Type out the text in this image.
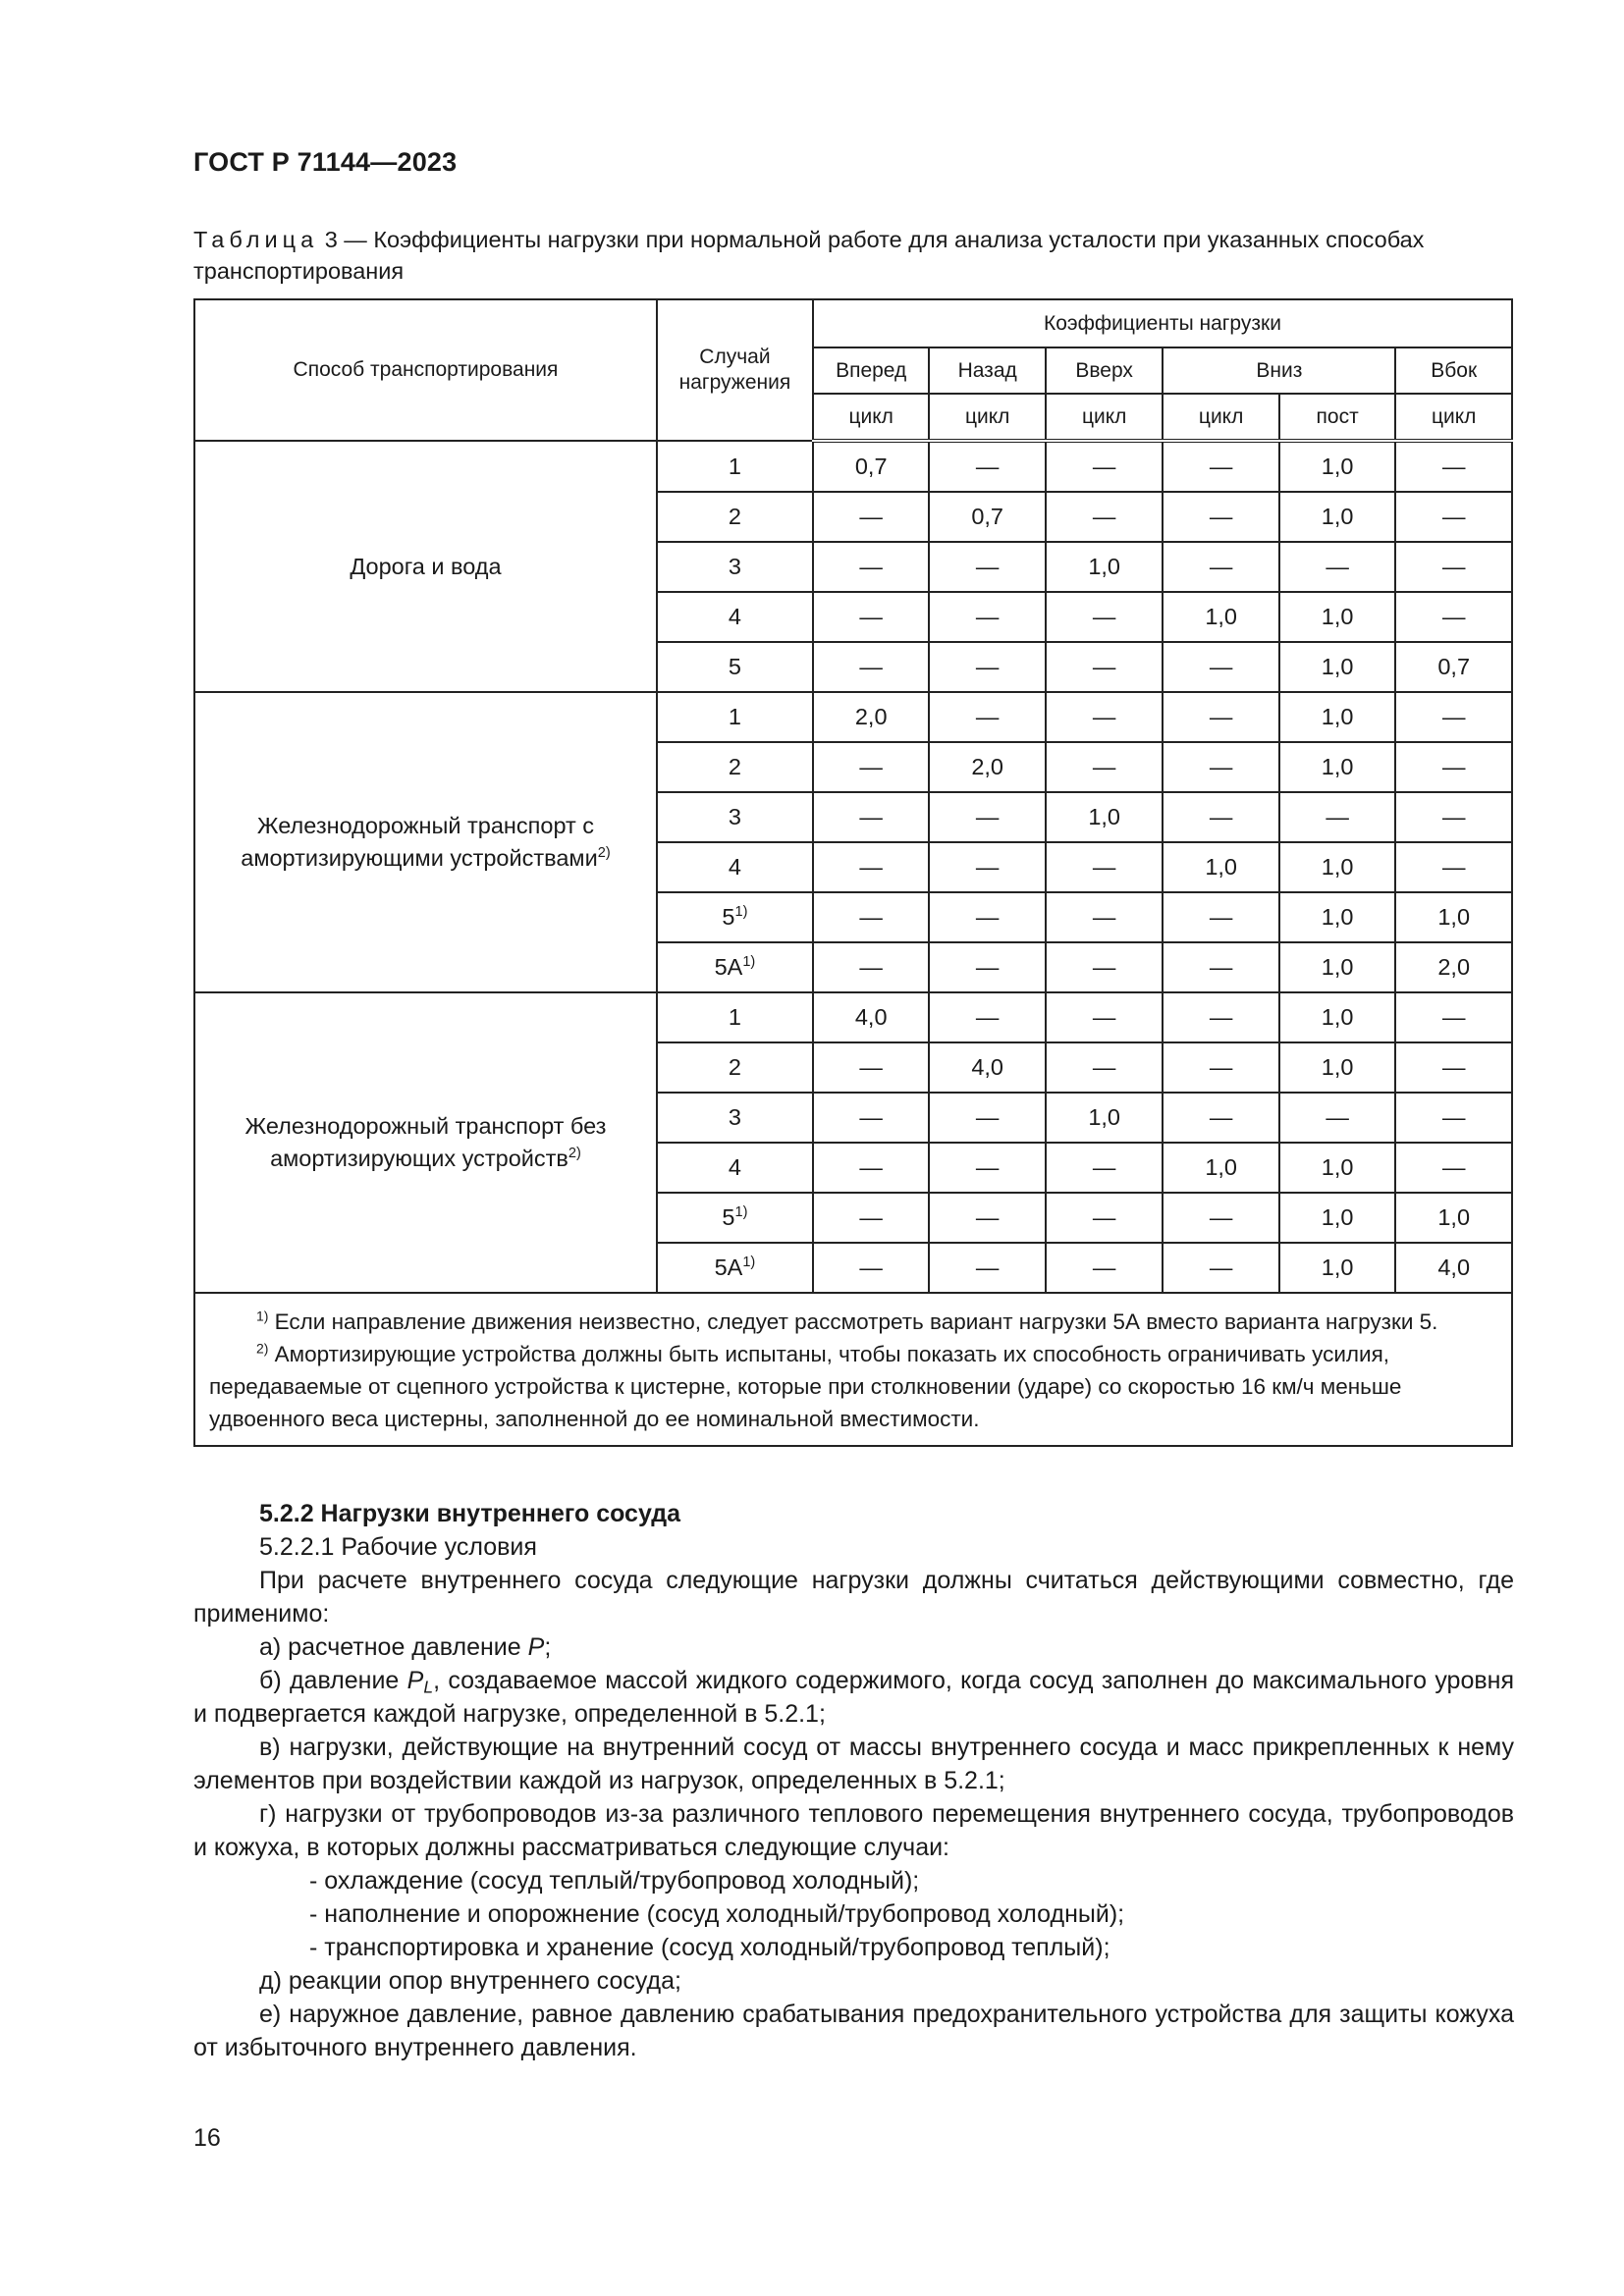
ГОСТ Р 71144—2023
Таблица 3 — Коэффициенты нагрузки при нормальной работе для анализа усталости при указанных способах транспортирования
Способ транспортирования	Случай нагружения	Коэффициенты нагрузки					
		Вперед	Назад	Вверх	Вниз		Вбок
		цикл	цикл	цикл	цикл	пост	цикл
Дорога и вода	1	0,7	—	—	—	1,0	—
	2	—	0,7	—	—	1,0	—
	3	—	—	1,0	—	—	—
	4	—	—	—	1,0	1,0	—
	5	—	—	—	—	1,0	0,7
Железнодорожный транспорт с амортизирующими устройствами$^{2)}$	1	2,0	—	—	—	1,0	—
	2	—	2,0	—	—	1,0	—
	3	—	—	1,0	—	—	—
	4	—	—	—	1,0	1,0	—
	5$^{1)}$	—	—	—	—	1,0	1,0
	$5A^{1)}$	—	—	—	—	1,0	2,0
Железнодорожный транспорт без амортизирующих устройств$^{2)}$	1	4,0	—	—	—	1,0	—
	2	—	4,0	—	—	1,0	—
	3	—	—	1,0	—	—	—
	4	—	—	—	1,0	1,0	—
	5$^{1)}$	—	—	—	—	1,0	1,0
	$5A^{1)}$	—	—	—	—	1,0	4,0

$^{1)}$ Если направление движения неизвестно, следует рассмотреть вариант нагрузки 5А вместо варианта нагрузки 5.

$^{2)}$ Амортизирующие устройства должны быть испытаны, чтобы показать их способность ограничивать усилия, передаваемые от сцепного устройства к цистерне, которые при столкновении (ударе) со скоростью 16 км/ч меньше удвоенного веса цистерны, заполненной до ее номинальной вместимости.							

5.2.2 Нагрузки внутреннего сосуда

5.2.2.1 Рабочие условия

При расчете внутреннего сосуда следующие нагрузки должны считаться действующими совместно, где применимо:

а) расчетное давление P;

б) давление $P_L$, создаваемое массой жидкого содержимого, когда сосуд заполнен до максимального уровня и подвергается каждой нагрузке, определенной в 5.2.1;

в) нагрузки, действующие на внутренний сосуд от массы внутреннего сосуда и масс прикрепленных к нему элементов при воздействии каждой из нагрузок, определенных в 5.2.1;

г) нагрузки от трубопроводов из-за различного теплового перемещения внутреннего сосуда, трубопроводов и кожуха, в которых должны рассматриваться следующие случаи:

- охлаждение (сосуд теплый/трубопровод холодный);

- наполнение и опорожнение (сосуд холодный/трубопровод холодный);

- транспортировка и хранение (сосуд холодный/трубопровод теплый);

д) реакции опор внутреннего сосуда;

е) наружное давление, равное давлению срабатывания предохранительного устройства для защиты кожуха от избыточного внутреннего давления.

16
